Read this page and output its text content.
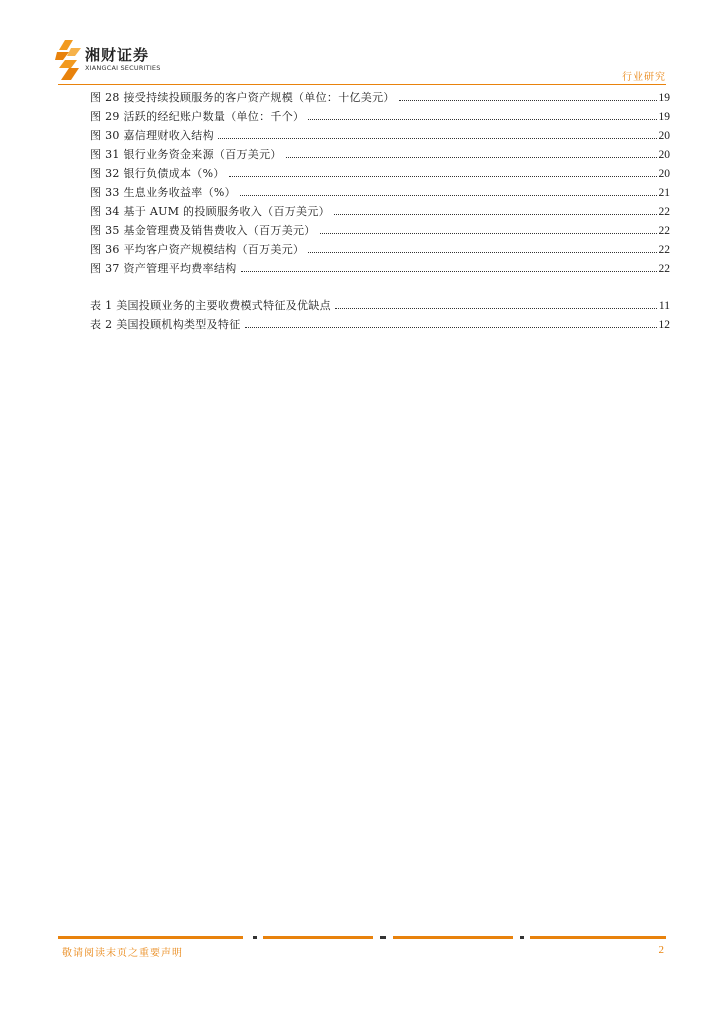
湘财证券
XIANGCAI SECURITIES
行业研究
图 28 接受持续投顾服务的客户资产规模（单位：十亿美元）	19
图 29 活跃的经纪账户数量（单位：千个）	19
图 30 嘉信理财收入结构	20
图 31 银行业务资金来源（百万美元）	20
图 32 银行负债成本（%）	20
图 33 生息业务收益率（%）	21
图 34 基于 AUM 的投顾服务收入（百万美元）	22
图 35 基金管理费及销售费收入（百万美元）	22
图 36 平均客户资产规模结构（百万美元）	22
图 37 资产管理平均费率结构	22
表 1 美国投顾业务的主要收费模式特征及优缺点	11
表 2 美国投顾机构类型及特征	12
敬请阅读末页之重要声明	2
